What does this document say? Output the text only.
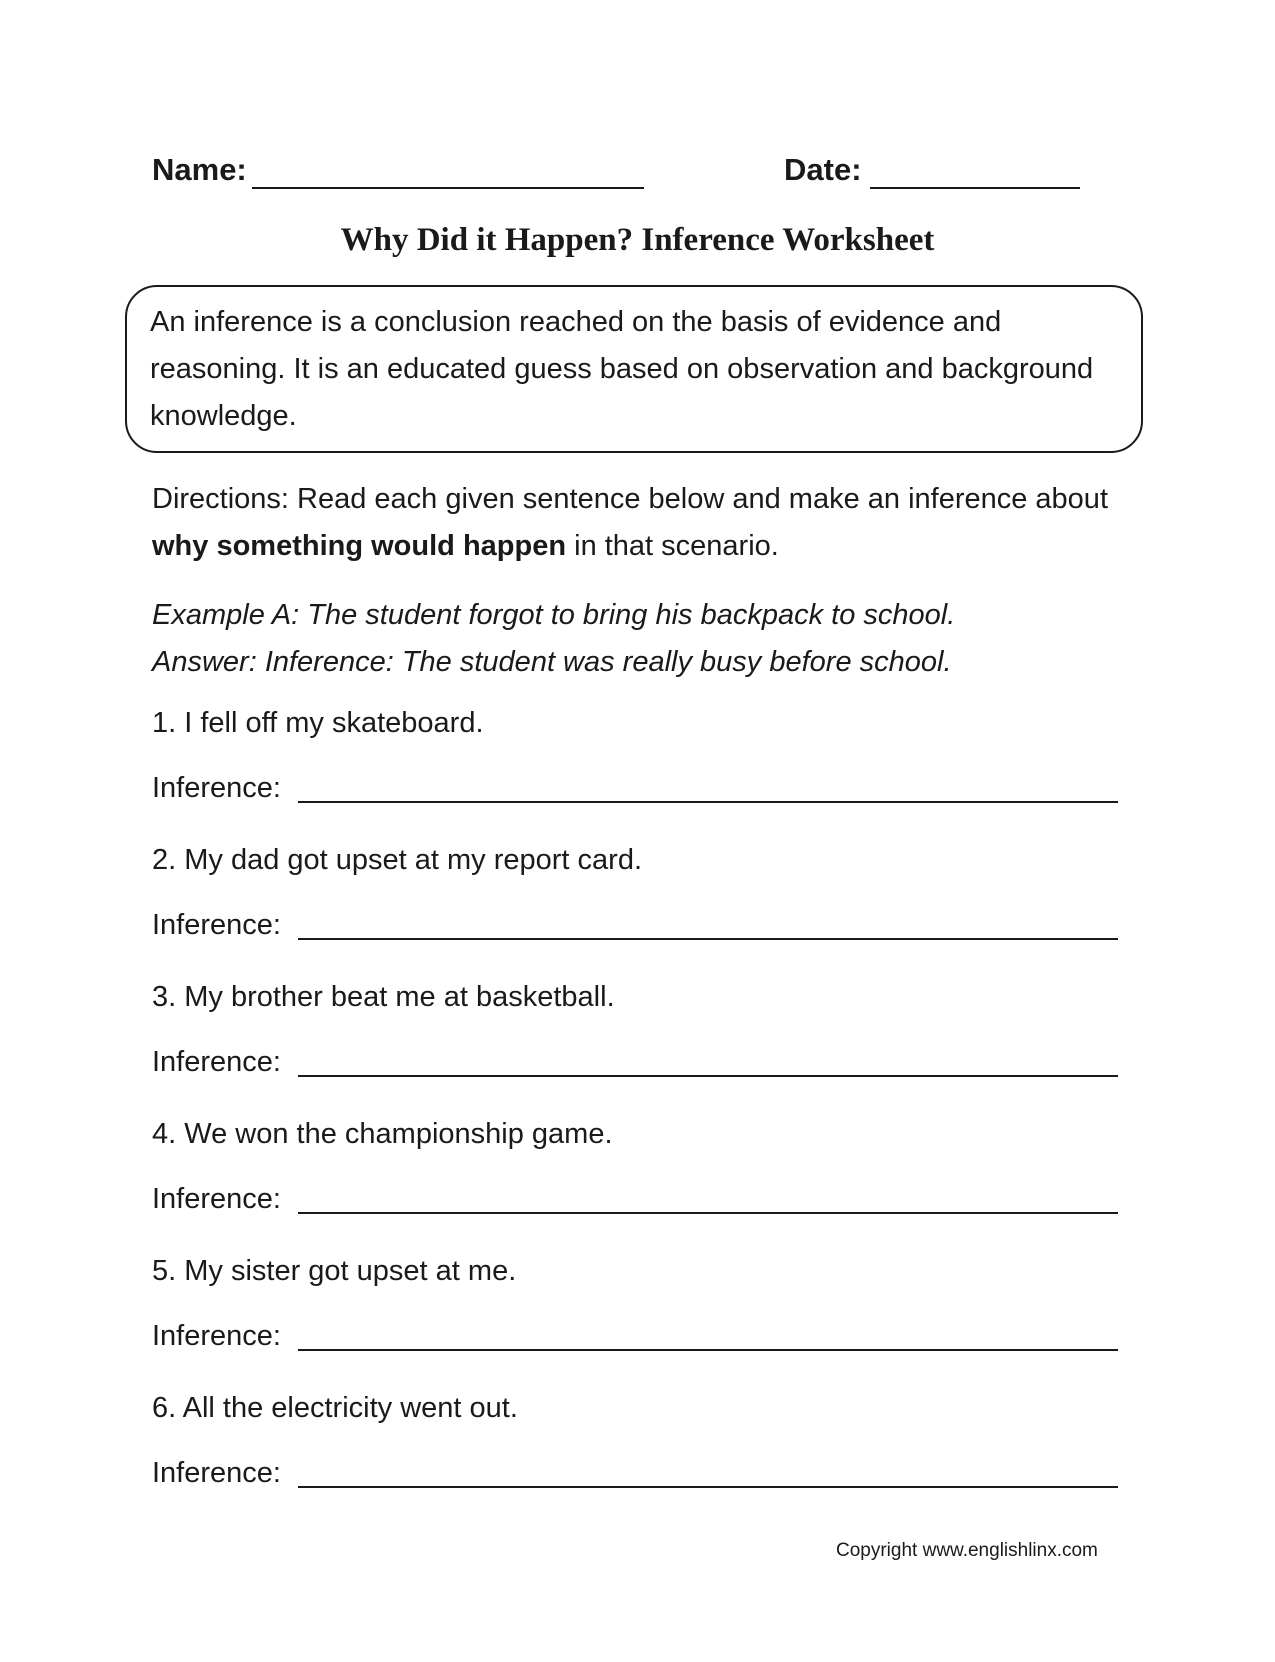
Name:	Date:
Why Did it Happen? Inference Worksheet
An inference is a conclusion reached on the basis of evidence and reasoning. It is an educated guess based on observation and background knowledge.
Directions: Read each given sentence below and make an inference about why something would happen in that scenario.
Example A: The student forgot to bring his backpack to school.
Answer: Inference: The student was really busy before school.
1. I fell off my skateboard.
Inference:
2. My dad got upset at my report card.
Inference:
3. My brother beat me at basketball.
Inference:
4. We won the championship game.
Inference:
5. My sister got upset at me.
Inference:
6. All the electricity went out.
Inference:
Copyright www.englishlinx.com
